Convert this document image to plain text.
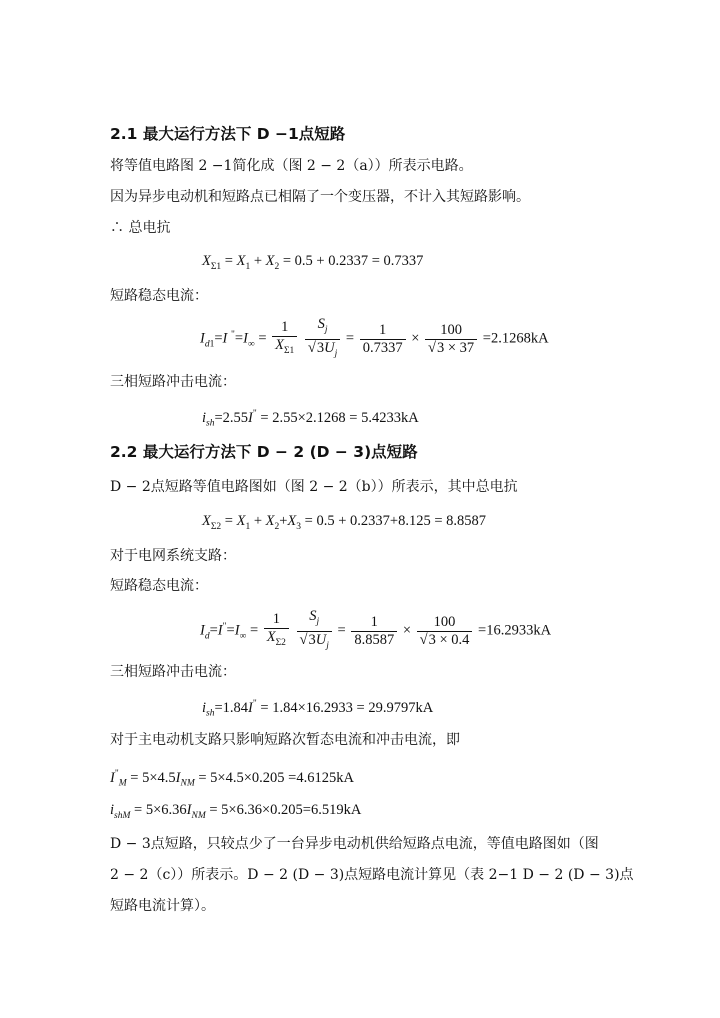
2.1 最大运行方法下 D −1点短路
将等值电路图 2 −1简化成（图 2 − 2（a））所表示电路。
因为异步电动机和短路点已相隔了一个变压器，不计入其短路影响。
∴ 总电抗
$X_{\Sigma 1} = X_1 + X_2 = 0.5 + 0.2337 = 0.7337$
短路稳态电流：
$I_{d1}=I$ $^"=I_\infty = \frac{1}{X_{\Sigma 1}}$
$\frac{S_j}{√3U_j} = \frac{1}{0.7337} \times \frac{100}{√3 \times 37} =2.1268kA$
三相短路冲击电流：
$i_{sh}=2.55I^" = 2.55\times 2.1268 = 5.4233kA$
2.2 最大运行方法下 D − 2 (D − 3)点短路
D − 2点短路等值电路图如（图 2 − 2（b））所表示，其中总电抗
$X_{\Sigma 2} = X_1 + X_2+X_3 = 0.5 + 0.2337+8.125 = 8.8587$
对于电网系统支路：
短路稳态电流：
$I_d=I^"=I_\infty = \frac{1}{X_{\Sigma 2}}$
$\frac{S_j}{√3U_j} = \frac{1}{8.8587} \times \frac{100}{√3 \times 0.4} =16.2933kA$
三相短路冲击电流：
$i_{sh}=1.84I^" = 1.84\times 16.2933 = 29.9797kA$
对于主电动机支路只影响短路次暂态电流和冲击电流，即
$I^"_M = 5\times 4.5I_{NM} = 5\times 4.5\times 0.205 =4.6125kA$
$i_{shM} = 5\times 6.36I_{NM} = 5\times 6.36\times 0.205=6.519kA$
D − 3点短路，只较点少了一台异步电动机供给短路点电流，等值电路图如（图
2 − 2（c））所表示。D − 2 (D − 3)点短路电流计算见（表 2−1 D − 2 (D − 3)点
短路电流计算）。
